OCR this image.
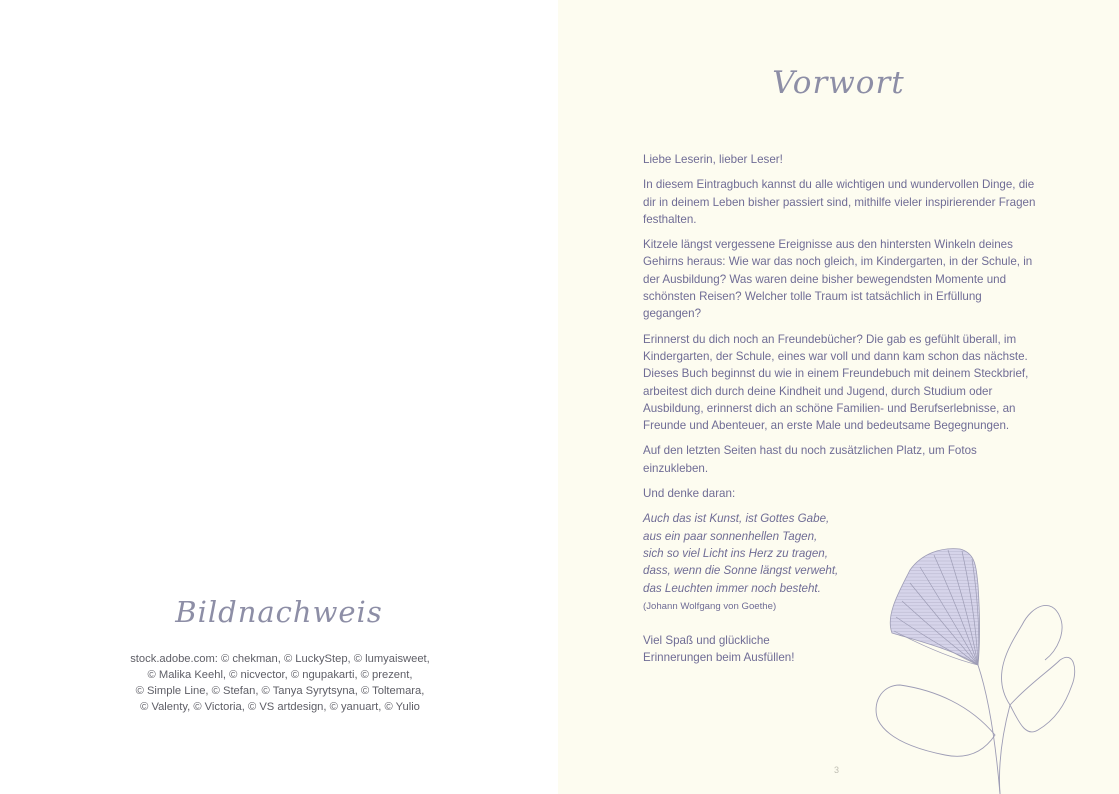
Bildnachweis
stock.adobe.com: © chekman, © LuckyStep, © lumyaisweet,
© Malika Keehl, © nicvector, © ngupakarti, © prezent,
© Simple Line, © Stefan, © Tanya Syrytsyna, © Toltemara,
© Valenty, © Victoria, © VS artdesign, © yanuart, © Yulio
Vorwort

Liebe Leserin, lieber Leser!

In diesem Eintragbuch kannst du alle wichtigen und wundervollen Dinge, die dir in deinem Leben bisher passiert sind, mithilfe vieler inspirierender Fragen festhalten.

Kitzele längst vergessene Ereignisse aus den hintersten Winkeln deines Gehirns heraus: Wie war das noch gleich, im Kindergarten, in der Schule, in der Ausbildung? Was waren deine bisher bewegendsten Momente und schönsten Reisen? Welcher tolle Traum ist tatsächlich in Erfüllung gegangen?

Erinnerst du dich noch an Freundebücher? Die gab es gefühlt überall, im Kindergarten, der Schule, eines war voll und dann kam schon das nächste. Dieses Buch beginnst du wie in einem Freundebuch mit deinem Steckbrief, arbeitest dich durch deine Kindheit und Jugend, durch Studium oder Ausbildung, erinnerst dich an schöne Familien- und Berufserlebnisse, an Freunde und Abenteuer, an erste Male und bedeutsame Begegnungen.

Auf den letzten Seiten hast du noch zusätzlichen Platz, um Fotos einzukleben.

Und denke daran:

Auch das ist Kunst, ist Gottes Gabe,
aus ein paar sonnenhellen Tagen,
sich so viel Licht ins Herz zu tragen,
dass, wenn die Sonne längst verweht,
das Leuchten immer noch besteht.
(Johann Wolfgang von Goethe)
Viel Spaß und glückliche
Erinnerungen beim Ausfüllen!
3
